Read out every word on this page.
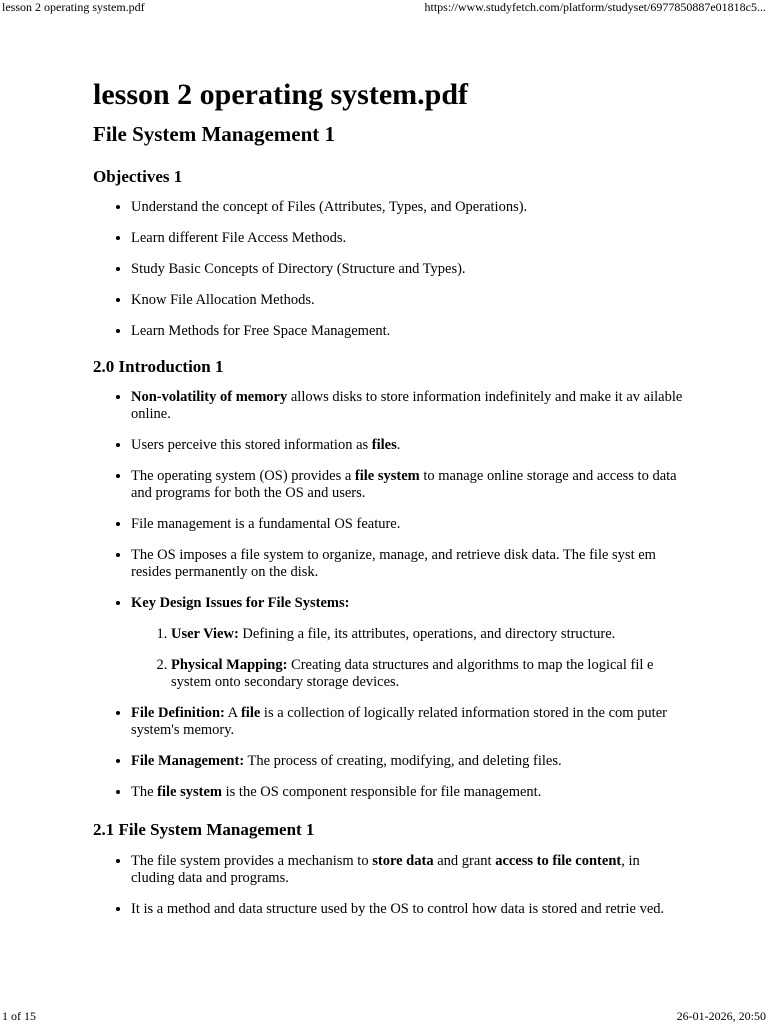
lesson 2 operating system.pdf	https://www.studyfetch.com/platform/studyset/6977850887e01818c5...
lesson 2 operating system.pdf
File System Management 1
Objectives 1
• Understand the concept of Files (Attributes, Types, and Operations).
• Learn different File Access Methods.
• Study Basic Concepts of Directory (Structure and Types).
• Know File Allocation Methods.
• Learn Methods for Free Space Management.
2.0 Introduction 1
• Non-volatility of memory allows disks to store information indefinitely and make it av ailable online.
• Users perceive this stored information as files.
• The operating system (OS) provides a file system to manage online storage and access to data and programs for both the OS and users.
• File management is a fundamental OS feature.
• The OS imposes a file system to organize, manage, and retrieve disk data. The file syst em resides permanently on the disk.
• Key Design Issues for File Systems:
1. User View: Defining a file, its attributes, operations, and directory structure.
2. Physical Mapping: Creating data structures and algorithms to map the logical fil e system onto secondary storage devices.
• File Definition: A file is a collection of logically related information stored in the com puter system's memory.
• File Management: The process of creating, modifying, and deleting files.
• The file system is the OS component responsible for file management.
2.1 File System Management 1
• The file system provides a mechanism to store data and grant access to file content, in cluding data and programs.
• It is a method and data structure used by the OS to control how data is stored and retrie ved.
1 of 15	26-01-2026, 20:50
